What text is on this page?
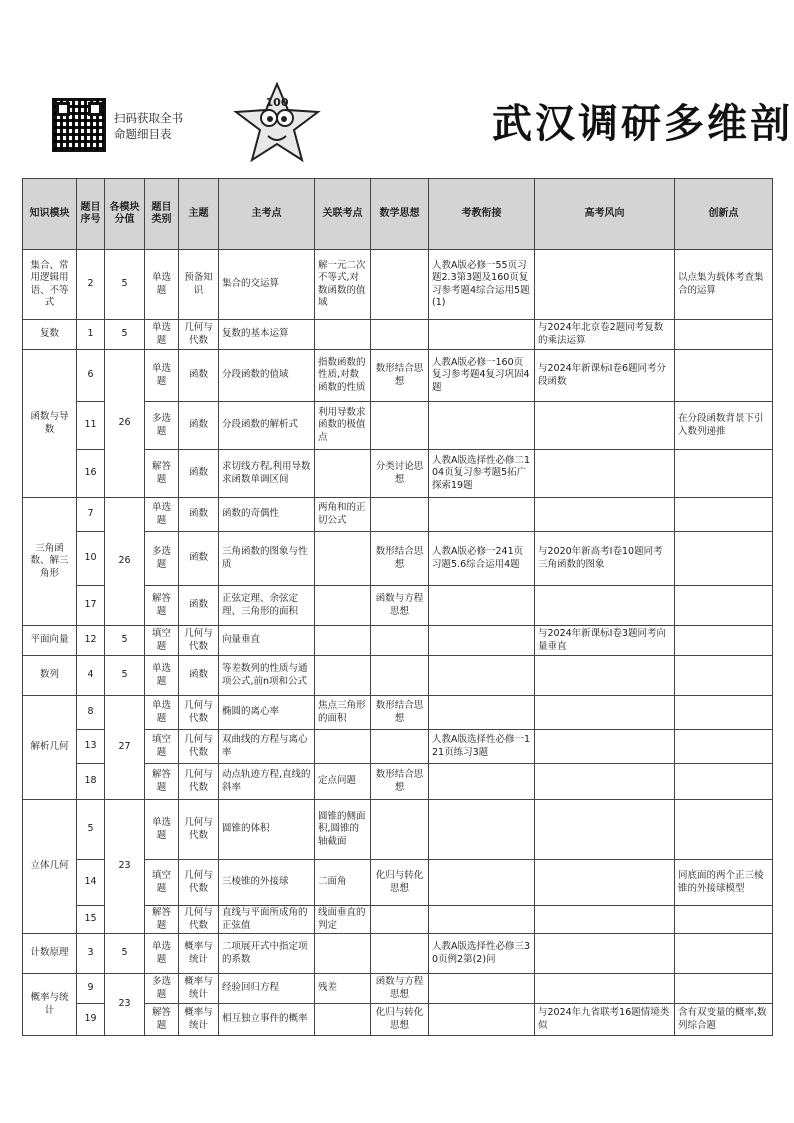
扫码获取全书
命题细目表
100	武汉调研多维剖
知识模块	题目序号	各模块分值	题目类别	主题	主考点	关联考点	数学思想	考教衔接	高考风向	创新点
集合、常用逻辑用语、不等式	2	5	单选题	预备知识	集合的交运算	解一元二次不等式,对数函数的值域		人教A版必修一55页习题2.3第3题及160页复习参考题4综合运用5题(1)		以点集为载体考查集合的运算
复数	1	5	单选题	几何与代数	复数的基本运算				与2024年北京卷2题同考复数的乘法运算	
函数与导数	6	26	单选题	函数	分段函数的值域	指数函数的性质,对数函数的性质	数形结合思想	人教A版必修一160页复习参考题4复习巩固4题	与2024年新课标Ⅰ卷6题同考分段函数	
	11		多选题	函数	分段函数的解析式	利用导数求函数的极值点				在分段函数背景下引入数列递推
	16		解答题	函数	求切线方程,利用导数求函数单调区间		分类讨论思想	人教A版选择性必修二104页复习参考题5拓广探索19题		
三角函数、解三角形	7	26	单选题	函数	函数的奇偶性	两角和的正切公式				
	10		多选题	函数	三角函数的图象与性质		数形结合思想	人教A版必修一241页习题5.6综合运用4题	与2020年新高考Ⅰ卷10题同考三角函数的图象	
	17		解答题	函数	正弦定理、余弦定理、三角形的面积		函数与方程思想			
平面向量	12	5	填空题	几何与代数	向量垂直				与2024年新课标Ⅰ卷3题同考向量垂直	
数列	4	5	单选题	函数	等差数列的性质与通项公式,前n项和公式					
解析几何	8	27	单选题	几何与代数	椭圆的离心率	焦点三角形的面积	数形结合思想			
	13		填空题	几何与代数	双曲线的方程与离心率			人教A版选择性必修一121页练习3题		
	18		解答题	几何与代数	动点轨迹方程,直线的斜率	定点问题	数形结合思想			
立体几何	5	23	单选题	几何与代数	圆锥的体积	圆锥的侧面积,圆锥的轴截面				
	14		填空题	几何与代数	三棱锥的外接球	二面角	化归与转化思想			同底面的两个正三棱锥的外接球模型
	15		解答题	几何与代数	直线与平面所成角的正弦值	线面垂直的判定				
计数原理	3	5	单选题	概率与统计	二项展开式中指定项的系数			人教A版选择性必修三30页例2第(2)问		
概率与统计	9	23	多选题	概率与统计	经验回归方程	残差	函数与方程思想			
	19		解答题	概率与统计	相互独立事件的概率		化归与转化思想		与2024年九省联考16题情境类似	含有双变量的概率,数列综合题
